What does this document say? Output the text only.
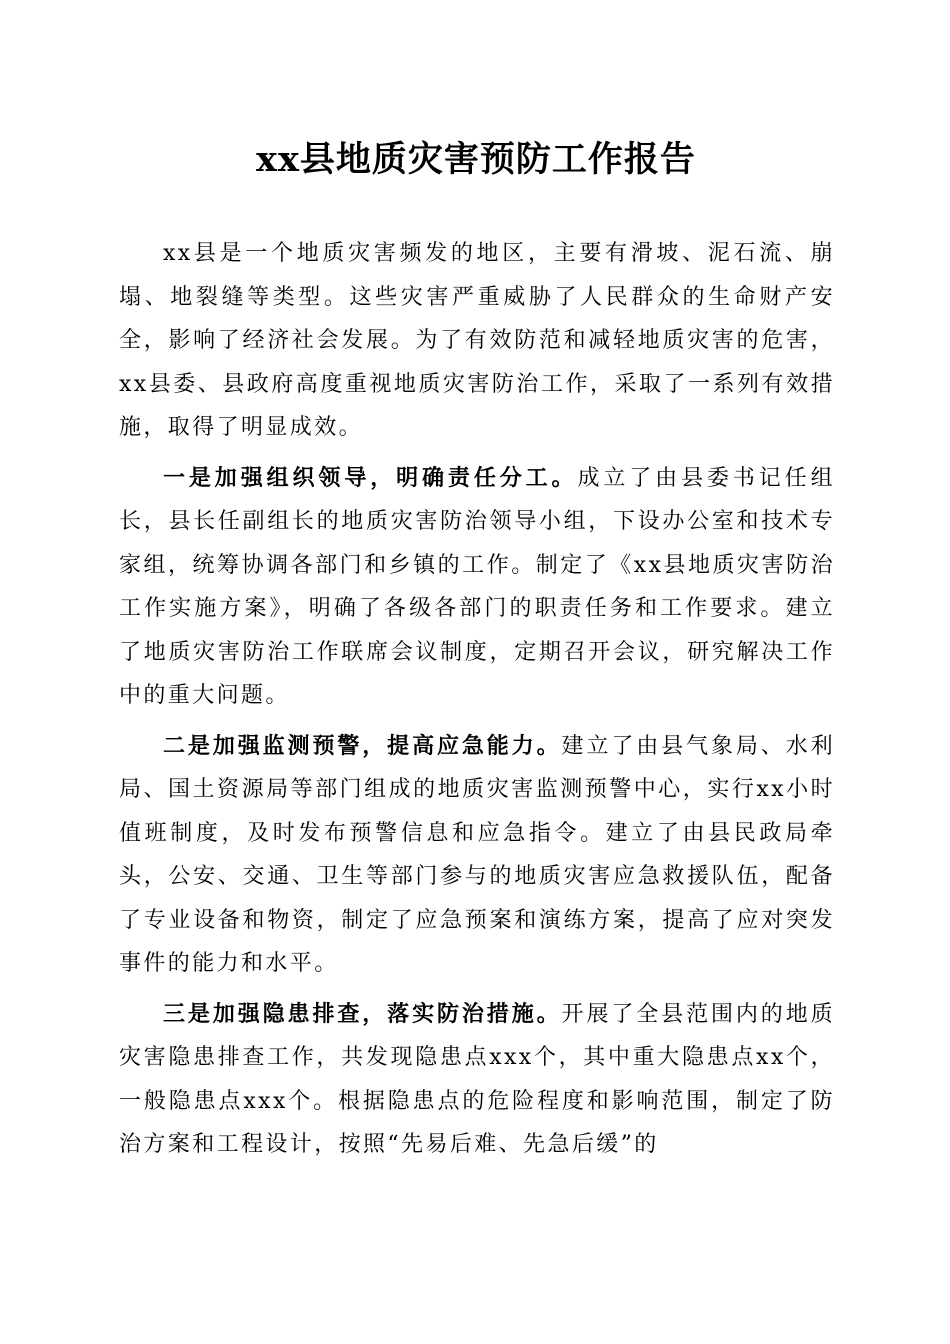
xx县地质灾害预防工作报告

xx县是一个地质灾害频发的地区，主要有滑坡、泥石流、崩塌、地裂缝等类型。这些灾害严重威胁了人民群众的生命财产安全，影响了经济社会发展。为了有效防范和减轻地质灾害的危害，xx县委、县政府高度重视地质灾害防治工作，采取了一系列有效措施，取得了明显成效。

一是加强组织领导，明确责任分工。成立了由县委书记任组长，县长任副组长的地质灾害防治领导小组，下设办公室和技术专家组，统筹协调各部门和乡镇的工作。制定了《xx县地质灾害防治工作实施方案》，明确了各级各部门的职责任务和工作要求。建立了地质灾害防治工作联席会议制度，定期召开会议，研究解决工作中的重大问题。

二是加强监测预警，提高应急能力。建立了由县气象局、水利局、国土资源局等部门组成的地质灾害监测预警中心，实行xx小时值班制度，及时发布预警信息和应急指令。建立了由县民政局牵头，公安、交通、卫生等部门参与的地质灾害应急救援队伍，配备了专业设备和物资，制定了应急预案和演练方案，提高了应对突发事件的能力和水平。

三是加强隐患排查，落实防治措施。开展了全县范围内的地质灾害隐患排查工作，共发现隐患点xxx个，其中重大隐患点xx个，一般隐患点xxx个。根据隐患点的危险程度和影响范围，制定了防治方案和工程设计，按照“先易后难、先急后缓”的
